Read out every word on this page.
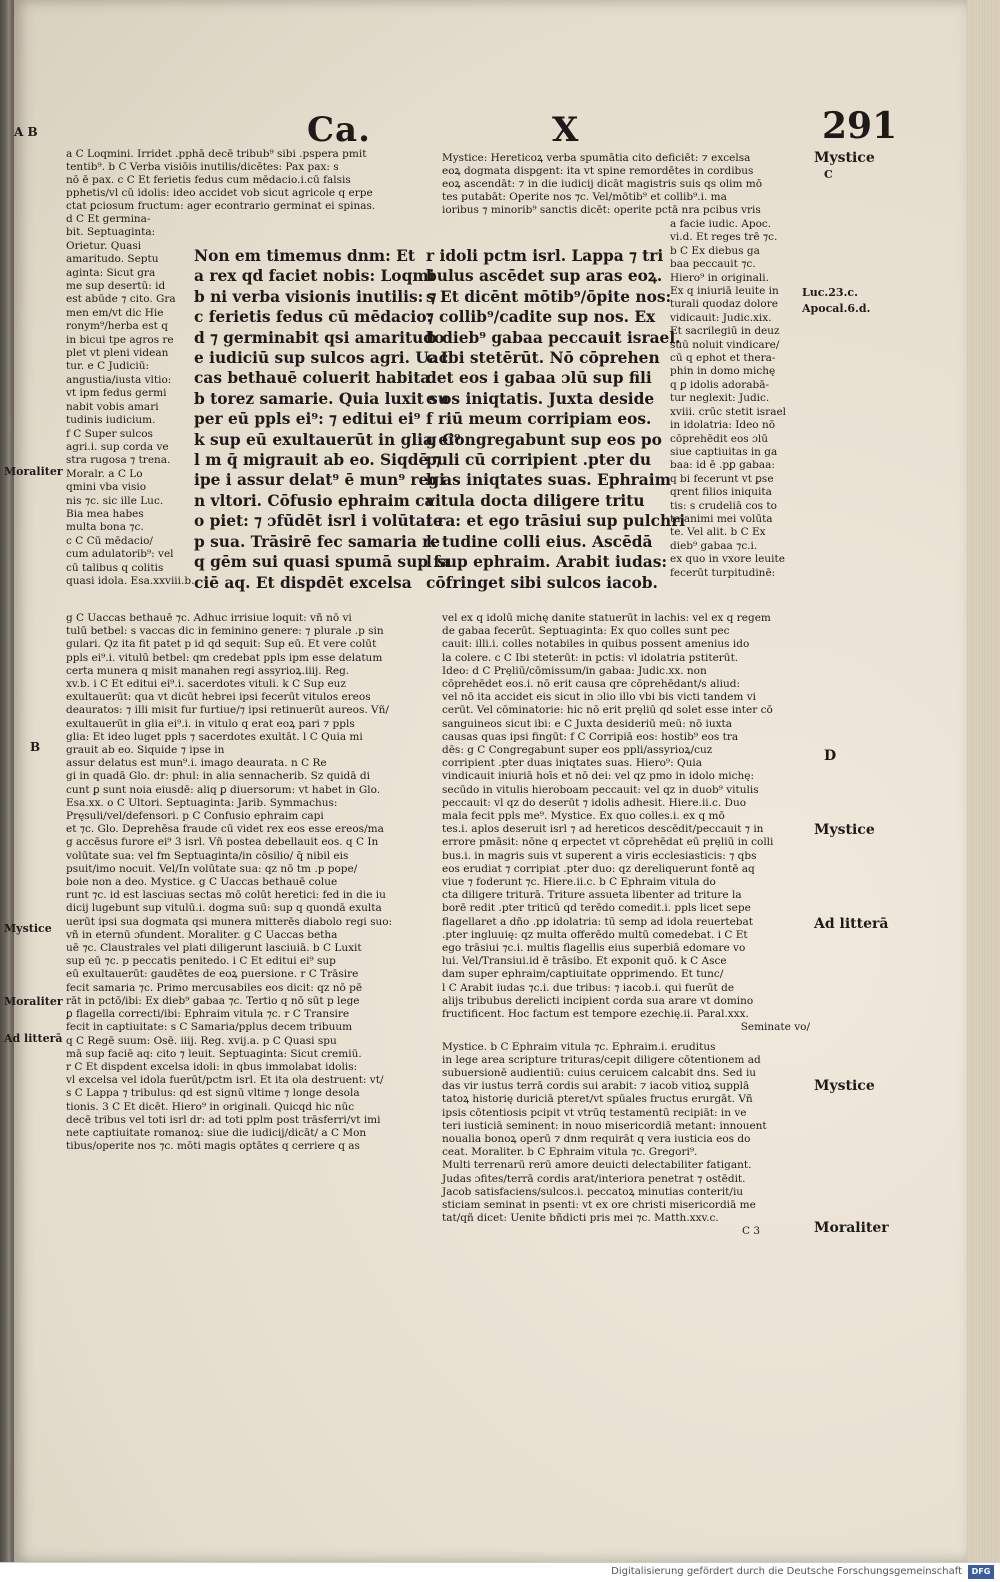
Ca.	X	291
A B
Moraliter
B
Mystice
Moraliter
Ad litterā
Mystice
C
Luc.23.c.
Apocal.6.d.
D
Mystice
Ad litterā
Mystice
Moraliter
a C Loqmini. Irridet .pphā decē tribub⁹ sibi .pspera pmit
tentib⁹. b C Verba visiōis inutilis/dicētes: Pax pax: s
nō ē pax. c C Et ferietis fedus cum mēdacio.i.cū falsis
pphetis/vl cū idolis: ideo accidet vob sicut agricole q erpe
ctat ꝑciosum fructum: ager econtrario germinat ei spinas.
d C Et germina-
bit. Septuaginta:
Orietur. Quasi
amaritudo. Septu
aginta: Sicut gra
me sup desertū: id
est abūde ⁊ cito. Gra
men em/vt dic Hie
ronym⁹/herba est q
in bicui tpe agros re
plet vt pleni videan
tur. e C Judiciū:
angustia/iusta vltio:
vt ipm fedus germi
nabit vobis amari
tudinis iudicium.
f C Super sulcos
agri.i. sup corda ve
stra rugosa ⁊ trena.
Moralr. a C Lo
qmini vba visio
nis ⁊c. sic ille Luc.
Bia mea habes
multa bona ⁊c.
c C Cū mēdacio/
cum adulatorib⁹: vel
cū talibus q colitis
quasi idola. Esa.xxviii.b.
Non em timemus dnm: Et
a rex qd faciet nobis: Loqmi
b ni verba visionis inutilis: ⁊
c ferietis fedus cū mēdacio:
d ⁊ germinabit qsi amaritudo
e iudiciū sup sulcos agri. Uac
cas bethauē coluerit habita
b torez samarie. Quia luxit su
per eū ppls ei⁹: ⁊ editui ei⁹
k sup eū exultauerūt in glia ei⁹
l m q̄ migrauit ab eo. Siqdē ⁊
ipe i assur delat⁹ ē mun⁹ regi
n vltori. Cōfusio ephraim ca
o piet: ⁊ ɔfūdēt isrl i volūtate
p sua. Trāsirē fec samaria re
q gēm sui quasi spumā sup fa
ciē aq. Et dispdēt excelsa
r idoli pctm isrl. Lappa ⁊ tri
bulus ascēdet sup aras eoꝝ.
s Et dicēnt mōtib⁹/ōpite nos:
⁊ collib⁹/cadite sup nos. Ex
b dieb⁹ gabaa peccauit israel.
c Ibi stetērūt. Nō cōprehen
det eos i gabaa ɔlū sup fili
e os iniqtatis. Juxta deside
f riū meum corripiam eos.
g Congregabunt sup eos po
puli cū corripient .pter du
b as iniqtates suas. Ephraim
vitula docta diligere tritu
i ra: et ego trāsiui sup pulchri
k tudine colli eius. Ascēdā
l sup ephraim. Arabit iudas:
cōfringet sibi sulcos iacob.
Mystice: Hereticoꝝ verba spumātia cito deficiēt: ⁊ excelsa
eoꝝ dogmata dispgent: ita vt spine remordētes in cordibus
eoꝝ ascendāt: ⁊ in die iudicij dicāt magistris suis qs olim mō
tes putabāt: Operite nos ⁊c. Vel/mōtib⁹ et collib⁹.i. ma
ioribus ⁊ minorib⁹ sanctis dicēt: operite pctā nra pcibus vris
a facie iudic. Apoc.
vi.d. Et reges trē ⁊c.
b C Ex diebus ga
baa peccauit ⁊c.
Hiero⁹ in originali.
Ex q iniuriā leuite in
turali quodaz dolore
vidicauit: Judic.xix.
Et sacrilegiū in deuz
suū noluit vindicare/
cū q ephot et thera-
phin in domo michę
q ꝑ idolis adorabā-
tur neglexit: Judic.
xviii. crūc stetit israel
in idolatria: Ideo nō
cōprehēdit eos ɔlū
siue captiuitas in ga
baa: id ē .pꝑ gabaa:
q bi fecerunt vt ꝑse
qrent filios iniquita
tis: s crudeliā cos to
ta animi mei volūta
te. Vel alit. b C Ex
dieb⁹ gabaa ⁊c.i.
ex quo in vxore leuite
fecerūt turpitudinē:
g C Uaccas bethauē ⁊c. Adhuc irrisiue loquit: vñ nō vi
tulū betbel: s vaccas dic in feminino genere: ⁊ plurale .p sin
gulari. Qz ita fit patet p id qd sequit: Sup eū. Et vere colūt
ppls ei⁹.i. vitulū betbel: qm credebat ppls ipm esse delatum
certa munera q misit manahen regi assyrioꝝ.iiij. Reg.
xv.b. i C Et editui ei⁹.i. sacerdotes vituli. k C Sup euz
exultauerūt: qua vt dicūt hebrei ipsi fecerūt vitulos ereos
deauratos: ⁊ illi misit fur furtiue/⁊ ipsi retinuerūt aureos. Vñ/
exultauerūt in glia ei⁹.i. in vitulo q erat eoꝝ pari ⁊ ppls
glia: Et ideo luget ppls ⁊ sacerdotes exultāt. l C Quia mi
grauit ab eo. Siquide ⁊ ipse in
assur delatus est mun⁹.i. imago deaurata. n C Re
gi in quadā Glo. dr: phul: in alia sennacherib. Sz quidā di
cunt ꝑ sunt noia eiusdē: aliq ꝑ diuersorum: vt habet in Glo.
Esa.xx. o C Ultori. Septuaginta: Jarib. Symmachus:
Pręsuli/vel/defensori. p C Confusio ephraim capi
et ⁊c. Glo. Deprehēsa fraude cū videt rex eos esse ereos/ma
g accēsus furore ei⁹ 3 isrl. Vñ postea debellauit eos. q C In
volūtate sua: vel fm Septuaginta/in cōsilio/ q̄ nibil eis
psuit/imo nocuit. Vel/In volūtate sua: qz nō tm .p pope/
boie non a deo. Mystice. g C Uaccas bethauē colue
runt ⁊c. id est lasciuas sectas mō colūt heretici: fed in die iu
dicij lugebunt sup vitulū.i. dogma suū: sup q quondā exulta
uerūt ipsi sua dogmata qsi munera mitterēs diabolo regi suo:
vñ in eternū ɔfundent. Moraliter. g C Uaccas betha
uē ⁊c. Claustrales vel plati diligerunt lasciuiā. b C Luxit
sup eū ⁊c. p peccatis penitedo. i C Et editui ei⁹ sup
eū exultauerūt: gaudētes de eoꝝ puersione. r C Trāsire
fecit samaria ⁊c. Primo mercusabiles eos dicit: qz nō pē
rāt in pctō/ibi: Ex dieb⁹ gabaa ⁊c. Tertio q nō sūt p lege
ꝑ flagella correcti/ibi: Ephraim vitula ⁊c. r C Transire
fecit in captiuitate: s C Samaria/pplus decem tribuum
q C Regē suum: Osē. iiij. Reg. xvij.a. p C Quasi spu
mā sup faciē aq: cito ⁊ leuit. Septuaginta: Sicut cremiū.
r C Et dispdent excelsa idoli: in qbus immolabat idolis:
vl excelsa vel idola fuerūt/pctm isrl. Et ita ola destruent: vt/
s C Lappa ⁊ tribulus: qd est signū vltime ⁊ longe desola
tionis. 3 C Et dicēt. Hiero⁹ in originali. Quicqd hic nūc
decē tribus vel toti isrl dr: ad toti pplm post trāsferri/vt imi
nete captiuitate romanoꝝ: siue die iudicij/dicāt/ a C Mon
tibus/operite nos ⁊c. mōti magis optātes q cerriere q as
vel ex q idolū michę danite statuerūt in lachis: vel ex q regem
de gabaa fecerūt. Septuaginta: Ex quo colles sunt pec
cauit: illi.i. colles notabiles in quibus possent amenius ido
la colere. c C Ibi steterūt: in pctis: vl idolatria pstiterūt.
Ideo: d C Pręliū/cōmissum/in gabaa: Judic.xx. non
cōprehēdet eos.i. nō erit causa qre cōprehēdant/s aliud:
vel nō ita accidet eis sicut in ɔlio illo vbi bis victi tandem vi
cerūt. Vel cōminatorie: hic nō erit pręliū qd solet esse inter cō
sanguineos sicut ibi: e C Juxta desideriū meū: nō iuxta
causas quas ipsi fingūt: f C Corripiā eos: hostib⁹ eos tra
dēs: g C Congregabunt super eos ppli/assyrioꝝ/cuz
corripient .pter duas iniqtates suas. Hiero⁹: Quia
vindicauit iniuriā hoīs et nō dei: vel qz pmo in idolo michę:
secūdo in vitulis hieroboam peccauit: vel qz in duob⁹ vitulis
peccauit: vl qz do deserūt ⁊ idolis adhesit. Hiere.ii.c. Duo
mala fecit ppls me⁹. Mystice. Ex quo colles.i. ex q mō
tes.i. aplos deseruit isrl ⁊ ad hereticos descēdit/peccauit ⁊ in
errore pmāsit: nōne q erpectet vt cōprehēdat eū pręliū in colli
bus.i. in magris suis vt superent a viris ecclesiasticis: ⁊ qbs
eos erudiat ⁊ corripiat .pter duo: qz dereliquerunt fontē aq
viue ⁊ foderunt ⁊c. Hiere.ii.c. b C Ephraim vitula do
cta diligere triturā. Triture assueta libenter ad triture la
borē redit .pter triticū qd terēdo comedit.i. ppls licet sepe
flagellaret a dño .pꝑ idolatria: tū semp ad idola reuertebat
.pter ingluuię: qz multa offerēdo multū comedebat. i C Et
ego trāsiui ⁊c.i. multis flagellis eius superbiā edomare vo
lui. Vel/Transiui.id ē trāsibo. Et exponit quō. k C Asce
dam super ephraim/captiuitate opprimendo. Et tunc/
l C Arabit iudas ⁊c.i. due tribus: ⁊ iacob.i. qui fuerūt de
alijs tribubus derelicti incipient corda sua arare vt domino
fructificent. Hoc factum est tempore ezechię.ii. Paral.xxx.
Seminate vo/
Mystice. b C Ephraim vitula ⁊c. Ephraim.i. eruditus
in lege area scripture trituras/cepit diligere cōtentionem ad
subuersionē audientiū: cuius ceruicem calcabit dns. Sed iu
das vir iustus terrā cordis sui arabit: ⁊ iacob vitioꝝ supplā
tatoꝝ historię duriciā pteret/vt spūales fructus erurgāt. Vñ
ipsis cōtentiosis pcipit vt vtrūq testamentū recipiāt: in ve
teri iusticiā seminent: in nouo misericordiā metant: innouent
noualia bonoꝝ operū ⁊ dnm requirāt q vera iusticia eos do
ceat. Moraliter. b C Ephraim vitula ⁊c. Gregori⁹.
Multi terrenarū rerū amore deuicti delectabiliter fatigant.
Judas ɔfites/terrā cordis arat/interiora penetrat ⁊ ostēdit.
Jacob satisfaciens/sulcos.i. peccatoꝝ minutias conterit/iu
sticiam seminat in psenti: vt ex ore christi misericordiā me
tat/qñ dicet: Uenite bñdicti pris mei ⁊c. Matth.xxv.c.
C 3
Digitalisierung gefördert durch die Deutsche Forschungsgemeinschaft	DFG
